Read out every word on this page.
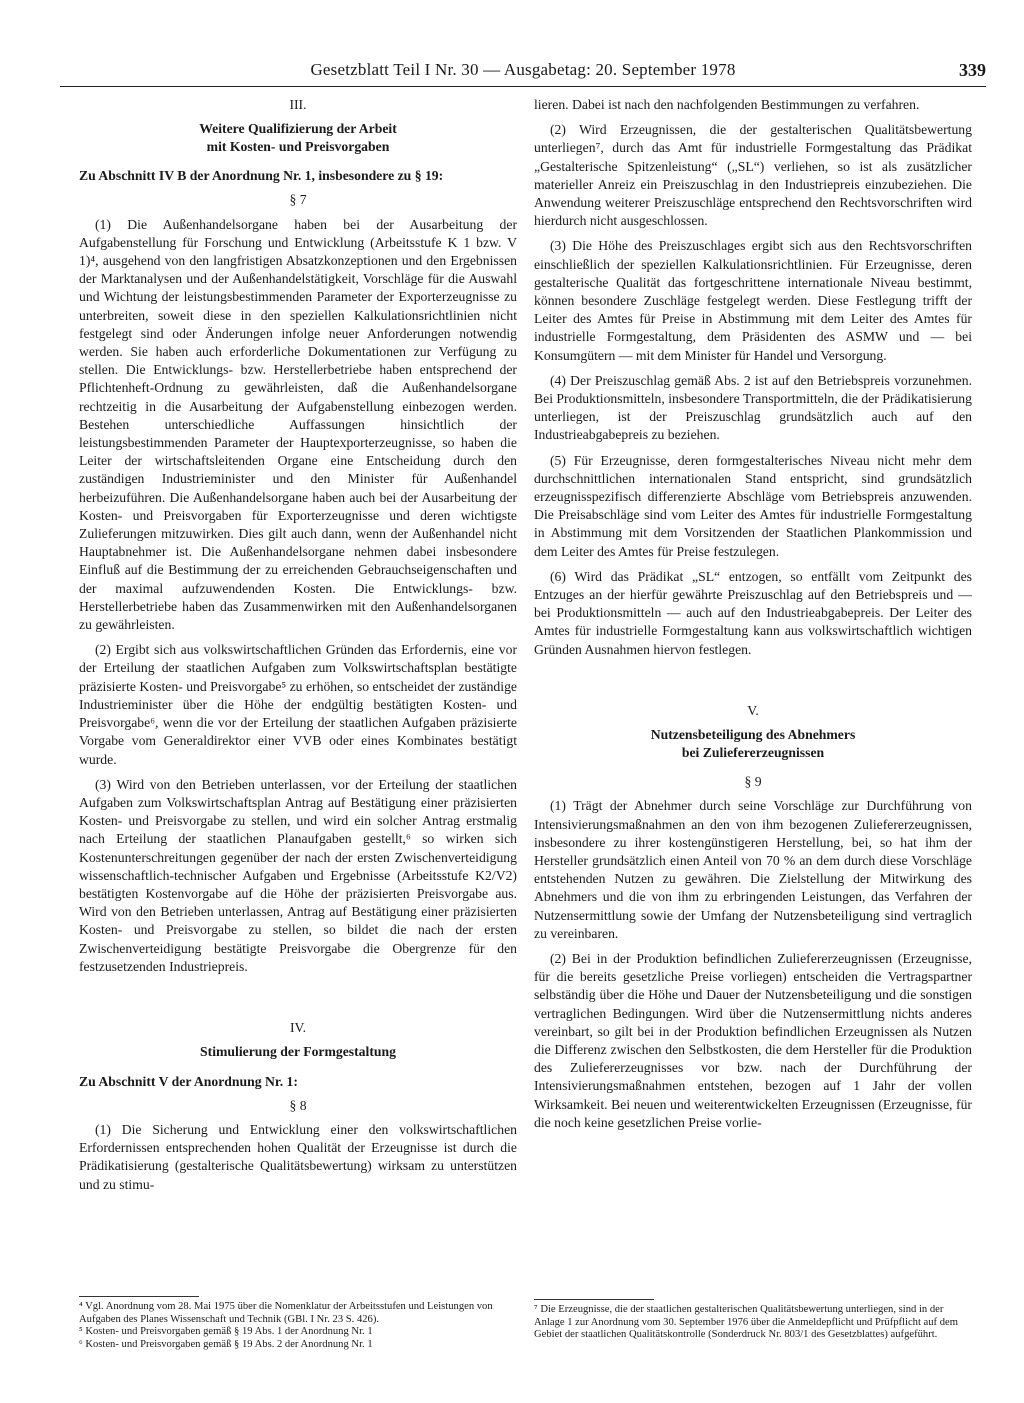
Gesetzblatt Teil I Nr. 30 — Ausgabetag: 20. September 1978	339
III.
Weitere Qualifizierung der Arbeit
mit Kosten- und Preisvorgaben
Zu Abschnitt IV B der Anordnung Nr. 1, insbesondere zu § 19:
§ 7

(1) Die Außenhandelsorgane haben bei der Ausarbeitung der Aufgabenstellung für Forschung und Entwicklung (Arbeitsstufe K 1 bzw. V 1)⁴, ausgehend von den langfristigen Absatzkonzeptionen und den Ergebnissen der Marktanalysen und der Außenhandelstätigkeit, Vorschläge für die Auswahl und Wichtung der leistungsbestimmenden Parameter der Exporterzeugnisse zu unterbreiten, soweit diese in den speziellen Kalkulationsrichtlinien nicht festgelegt sind oder Änderungen infolge neuer Anforderungen notwendig werden. Sie haben auch erforderliche Dokumentationen zur Verfügung zu stellen. Die Entwicklungs- bzw. Herstellerbetriebe haben entsprechend der Pflichtenheft-Ordnung zu gewährleisten, daß die Außenhandelsorgane rechtzeitig in die Ausarbeitung der Aufgabenstellung einbezogen werden. Bestehen unterschiedliche Auffassungen hinsichtlich der leistungsbestimmenden Parameter der Hauptexporterzeugnisse, so haben die Leiter der wirtschaftsleitenden Organe eine Entscheidung durch den zuständigen Industrieminister und den Minister für Außenhandel herbeizuführen. Die Außenhandelsorgane haben auch bei der Ausarbeitung der Kosten- und Preisvorgaben für Exporterzeugnisse und deren wichtigste Zulieferungen mitzuwirken. Dies gilt auch dann, wenn der Außenhandel nicht Hauptabnehmer ist. Die Außenhandelsorgane nehmen dabei insbesondere Einfluß auf die Bestimmung der zu erreichenden Gebrauchseigenschaften und der maximal aufzuwendenden Kosten. Die Entwicklungs- bzw. Herstellerbetriebe haben das Zusammenwirken mit den Außenhandelsorganen zu gewährleisten.

(2) Ergibt sich aus volkswirtschaftlichen Gründen das Erfordernis, eine vor der Erteilung der staatlichen Aufgaben zum Volkswirtschaftsplan bestätigte präzisierte Kosten- und Preisvorgabe⁵ zu erhöhen, so entscheidet der zuständige Industrieminister über die Höhe der endgültig bestätigten Kosten- und Preisvorgabe⁶, wenn die vor der Erteilung der staatlichen Aufgaben präzisierte Vorgabe vom Generaldirektor einer VVB oder eines Kombinates bestätigt wurde.

(3) Wird von den Betrieben unterlassen, vor der Erteilung der staatlichen Aufgaben zum Volkswirtschaftsplan Antrag auf Bestätigung einer präzisierten Kosten- und Preisvorgabe zu stellen, und wird ein solcher Antrag erstmalig nach Erteilung der staatlichen Planaufgaben gestellt,⁶ so wirken sich Kostenunterschreitungen gegenüber der nach der ersten Zwischenverteidigung wissenschaftlich-technischer Aufgaben und Ergebnisse (Arbeitsstufe K2/V2) bestätigten Kostenvorgabe auf die Höhe der präzisierten Preisvorgabe aus. Wird von den Betrieben unterlassen, Antrag auf Bestätigung einer präzisierten Kosten- und Preisvorgabe zu stellen, so bildet die nach der ersten Zwischenverteidigung bestätigte Preisvorgabe die Obergrenze für den festzusetzenden Industriepreis.

IV.
Stimulierung der Formgestaltung
Zu Abschnitt V der Anordnung Nr. 1:
§ 8

(1) Die Sicherung und Entwicklung einer den volkswirtschaftlichen Erfordernissen entsprechenden hohen Qualität der Erzeugnisse ist durch die Prädikatisierung (gestalterische Qualitätsbewertung) wirksam zu unterstützen und zu stimu-

⁴ Vgl. Anordnung vom 28. Mai 1975 über die Nomenklatur der Arbeitsstufen und Leistungen von Aufgaben des Planes Wissenschaft und Technik (GBl. I Nr. 23 S. 426).

⁵ Kosten- und Preisvorgaben gemäß § 19 Abs. 1 der Anordnung Nr. 1

⁶ Kosten- und Preisvorgaben gemäß § 19 Abs. 2 der Anordnung Nr. 1

lieren. Dabei ist nach den nachfolgenden Bestimmungen zu verfahren.

(2) Wird Erzeugnissen, die der gestalterischen Qualitätsbewertung unterliegen⁷, durch das Amt für industrielle Formgestaltung das Prädikat „Gestalterische Spitzenleistung“ („SL“) verliehen, so ist als zusätzlicher materieller Anreiz ein Preiszuschlag in den Industriepreis einzubeziehen. Die Anwendung weiterer Preiszuschläge entsprechend den Rechtsvorschriften wird hierdurch nicht ausgeschlossen.

(3) Die Höhe des Preiszuschlages ergibt sich aus den Rechtsvorschriften einschließlich der speziellen Kalkulationsrichtlinien. Für Erzeugnisse, deren gestalterische Qualität das fortgeschrittene internationale Niveau bestimmt, können besondere Zuschläge festgelegt werden. Diese Festlegung trifft der Leiter des Amtes für Preise in Abstimmung mit dem Leiter des Amtes für industrielle Formgestaltung, dem Präsidenten des ASMW und — bei Konsumgütern — mit dem Minister für Handel und Versorgung.

(4) Der Preiszuschlag gemäß Abs. 2 ist auf den Betriebspreis vorzunehmen. Bei Produktionsmitteln, insbesondere Transportmitteln, die der Prädikatisierung unterliegen, ist der Preiszuschlag grundsätzlich auch auf den Industrieabgabepreis zu beziehen.

(5) Für Erzeugnisse, deren formgestalterisches Niveau nicht mehr dem durchschnittlichen internationalen Stand entspricht, sind grundsätzlich erzeugnisspezifisch differenzierte Abschläge vom Betriebspreis anzuwenden. Die Preisabschläge sind vom Leiter des Amtes für industrielle Formgestaltung in Abstimmung mit dem Vorsitzenden der Staatlichen Plankommission und dem Leiter des Amtes für Preise festzulegen.

(6) Wird das Prädikat „SL“ entzogen, so entfällt vom Zeitpunkt des Entzuges an der hierfür gewährte Preiszuschlag auf den Betriebspreis und — bei Produktionsmitteln — auch auf den Industrieabgabepreis. Der Leiter des Amtes für industrielle Formgestaltung kann aus volkswirtschaftlich wichtigen Gründen Ausnahmen hiervon festlegen.

V.
Nutzensbeteiligung des Abnehmers
bei Zuliefererzeugnissen
§ 9

(1) Trägt der Abnehmer durch seine Vorschläge zur Durchführung von Intensivierungsmaßnahmen an den von ihm bezogenen Zuliefererzeugnissen, insbesondere zu ihrer kostengünstigeren Herstellung, bei, so hat ihm der Hersteller grundsätzlich einen Anteil von 70 % an dem durch diese Vorschläge entstehenden Nutzen zu gewähren. Die Zielstellung der Mitwirkung des Abnehmers und die von ihm zu erbringenden Leistungen, das Verfahren der Nutzensermittlung sowie der Umfang der Nutzensbeteiligung sind vertraglich zu vereinbaren.

(2) Bei in der Produktion befindlichen Zuliefererzeugnissen (Erzeugnisse, für die bereits gesetzliche Preise vorliegen) entscheiden die Vertragspartner selbständig über die Höhe und Dauer der Nutzensbeteiligung und die sonstigen vertraglichen Bedingungen. Wird über die Nutzensermittlung nichts anderes vereinbart, so gilt bei in der Produktion befindlichen Erzeugnissen als Nutzen die Differenz zwischen den Selbstkosten, die dem Hersteller für die Produktion des Zuliefererzeugnisses vor bzw. nach der Durchführung der Intensivierungsmaßnahmen entstehen, bezogen auf 1 Jahr der vollen Wirksamkeit. Bei neuen und weiterentwickelten Erzeugnissen (Erzeugnisse, für die noch keine gesetzlichen Preise vorlie-

⁷ Die Erzeugnisse, die der staatlichen gestalterischen Qualitätsbewertung unterliegen, sind in der Anlage 1 zur Anordnung vom 30. September 1976 über die Anmeldepflicht und Prüfpflicht auf dem Gebiet der staatlichen Qualitätskontrolle (Sonderdruck Nr. 803/1 des Gesetzblattes) aufgeführt.
